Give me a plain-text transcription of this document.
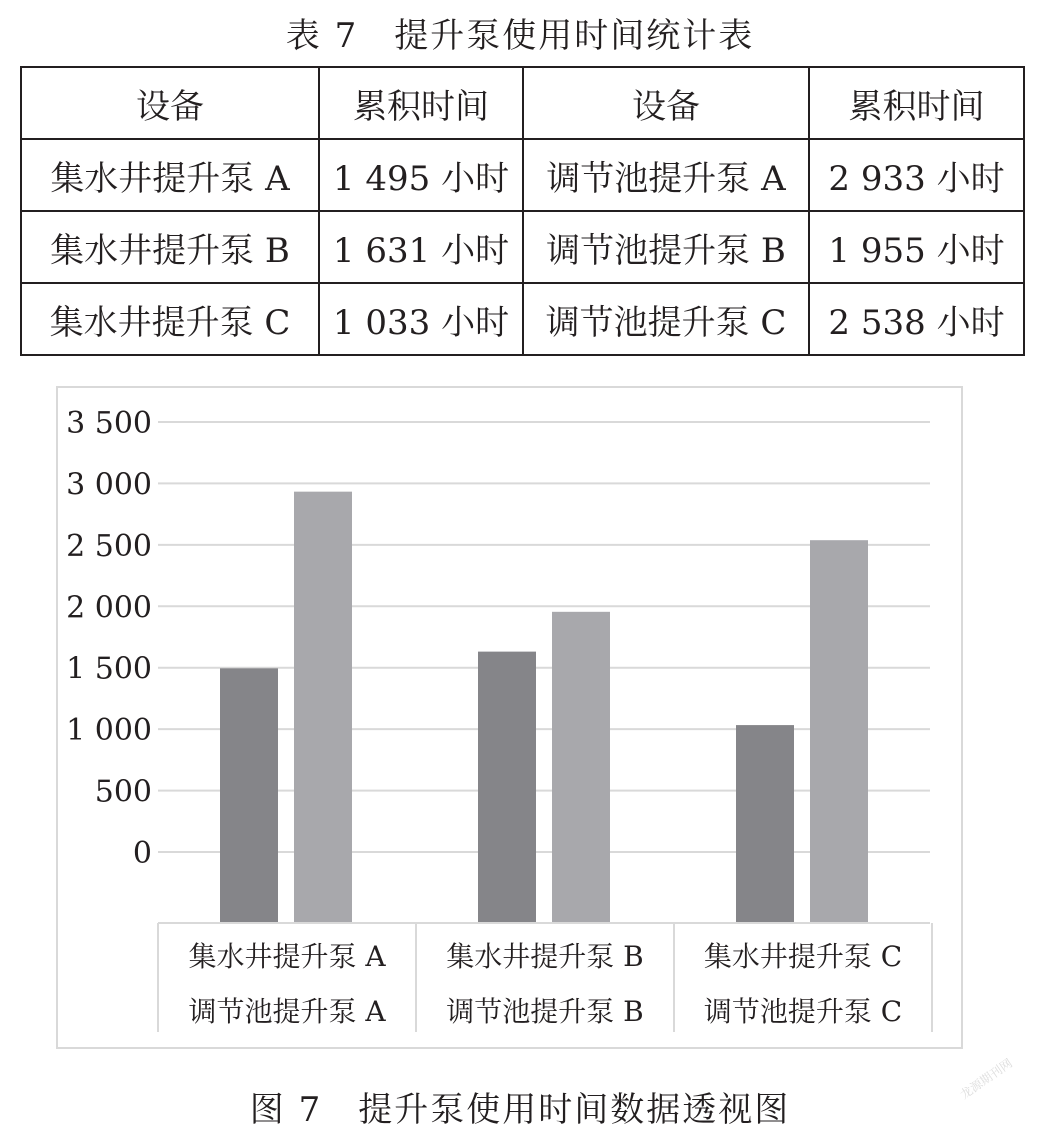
表 7　提升泵使用时间统计表
设备	累积时间	设备	累积时间
集水井提升泵 A	1 495 小时	调节池提升泵 A	2 933 小时
集水井提升泵 B	1 631 小时	调节池提升泵 B	1 955 小时
集水井提升泵 C	1 033 小时	调节池提升泵 C	2 538 小时
0
500
1 000
1 500
2 000
2 500
3 000
3 500
集水井提升泵 A
调节池提升泵 A
集水井提升泵 B
调节池提升泵 B
集水井提升泵 C
调节池提升泵 C
图 7　提升泵使用时间数据透视图
龙源期刊网
